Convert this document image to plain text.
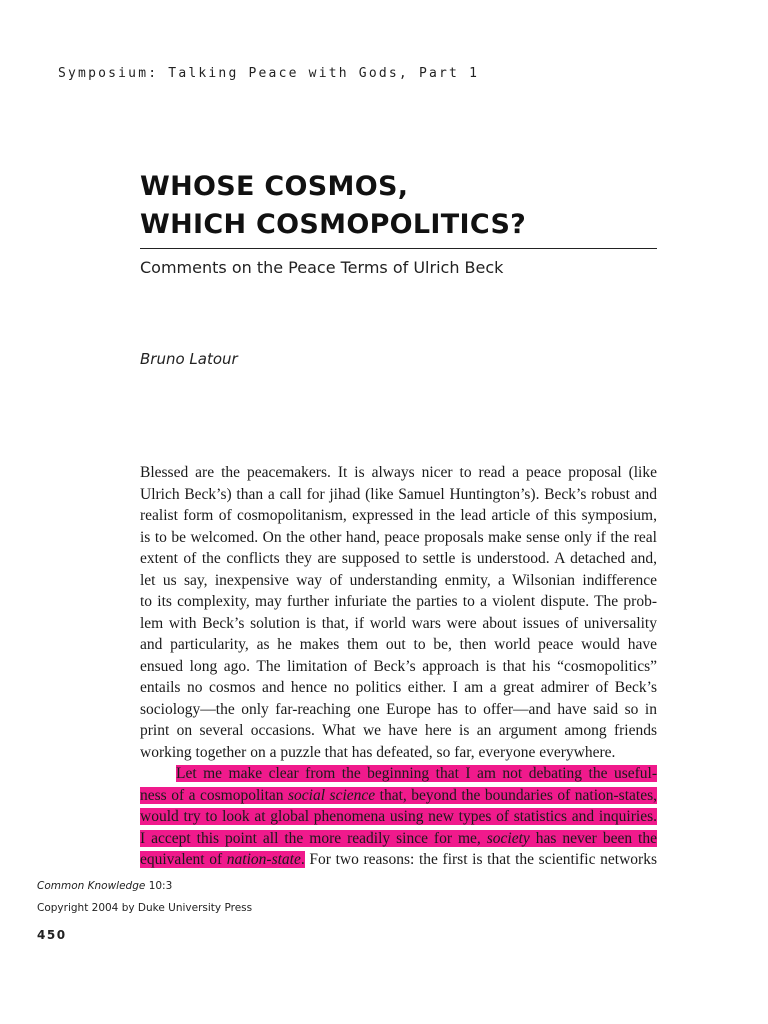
Symposium: Talking Peace with Gods, Part 1
WHOSE COSMOS,
WHICH COSMOPOLITICS?
Comments on the Peace Terms of Ulrich Beck
Bruno Latour
Blessed are the peacemakers. It is always nicer to read a peace proposal (like
Ulrich Beck’s) than a call for jihad (like Samuel Huntington’s). Beck’s robust and
realist form of cosmopolitanism, expressed in the lead article of this symposium,
is to be welcomed. On the other hand, peace proposals make sense only if the real
extent of the conflicts they are supposed to settle is understood. A detached and,
let us say, inexpensive way of understanding enmity, a Wilsonian indifference
to its complexity, may further infuriate the parties to a violent dispute. The prob-
lem with Beck’s solution is that, if world wars were about issues of universality
and particularity, as he makes them out to be, then world peace would have
ensued long ago. The limitation of Beck’s approach is that his “cosmopolitics”
entails no cosmos and hence no politics either. I am a great admirer of Beck’s
sociology—the only far-reaching one Europe has to offer—and have said so in
print on several occasions. What we have here is an argument among friends
working together on a puzzle that has defeated, so far, everyone everywhere.
Let me make clear from the beginning that I am not debating the useful-
ness of a cosmopolitan social science that, beyond the boundaries of nation-states,
would try to look at global phenomena using new types of statistics and inquiries.
I accept this point all the more readily since for me, society has never been the
equivalent of nation-state. For two reasons: the first is that the scientific networks
Common Knowledge 10:3
Copyright 2004 by Duke University Press
450
